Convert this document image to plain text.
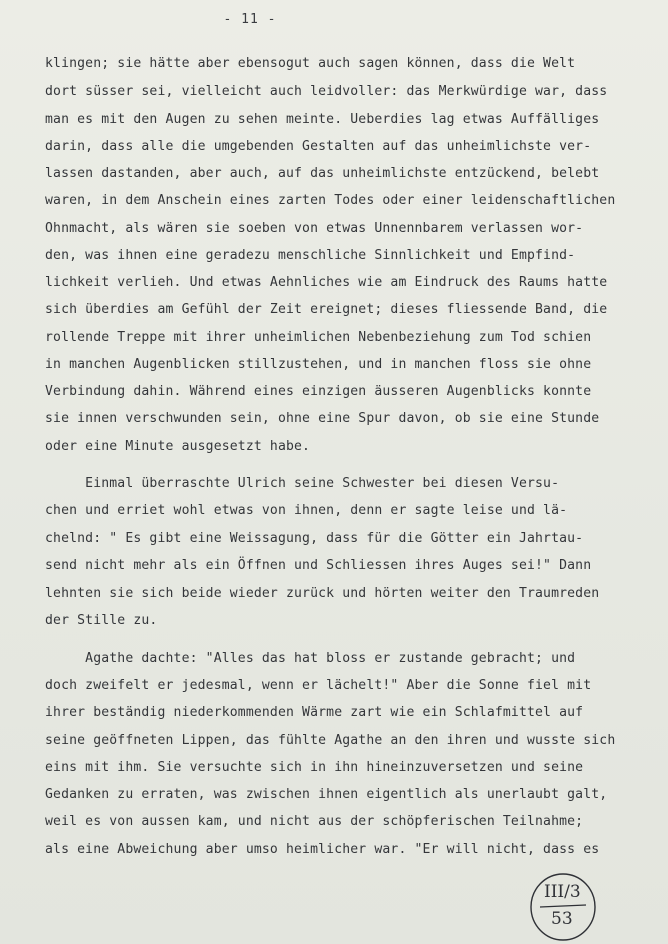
- 11 -
klingen; sie hätte aber ebensogut auch sagen können, dass die Welt
dort süsser sei, vielleicht auch leidvoller: das Merkwürdige war, dass
man es mit den Augen zu sehen meinte. Ueberdies lag etwas Auffälliges
darin, dass alle die umgebenden Gestalten auf das unheimlichste ver-
lassen dastanden, aber auch, auf das unheimlichste entzückend, belebt
waren, in dem Anschein eines zarten Todes oder einer leidenschaftlichen
Ohnmacht, als wären sie soeben von etwas Unnennbarem verlassen wor-
den, was ihnen eine geradezu menschliche Sinnlichkeit und Empfind-
lichkeit verlieh. Und etwas Aehnliches wie am Eindruck des Raums hatte
sich überdies am Gefühl der Zeit ereignet; dieses fliessende Band, die
rollende Treppe mit ihrer unheimlichen Nebenbeziehung zum Tod schien
in manchen Augenblicken stillzustehen, und in manchen floss sie ohne
Verbindung dahin. Während eines einzigen äusseren Augenblicks konnte
sie innen verschwunden sein, ohne eine Spur davon, ob sie eine Stunde
oder eine Minute ausgesetzt habe.
Einmal überraschte Ulrich seine Schwester bei diesen Versu-
chen und erriet wohl etwas von ihnen, denn er sagte leise und lä-
chelnd: " Es gibt eine Weissagung, dass für die Götter ein Jahrtau-
send nicht mehr als ein Öffnen und Schliessen ihres Auges sei!" Dann
lehnten sie sich beide wieder zurück und hörten weiter den Traumreden
der Stille zu.
Agathe dachte: "Alles das hat bloss er zustande gebracht; und
doch zweifelt er jedesmal, wenn er lächelt!" Aber die Sonne fiel mit
ihrer beständig niederkommenden Wärme zart wie ein Schlafmittel auf
seine geöffneten Lippen, das fühlte Agathe an den ihren und wusste sich
eins mit ihm. Sie versuchte sich in ihn hineinzuversetzen und seine
Gedanken zu erraten, was zwischen ihnen eigentlich als unerlaubt galt,
weil es von aussen kam, und nicht aus der schöpferischen Teilnahme;
als eine Abweichung aber umso heimlicher war. "Er will nicht, dass es
III/3
53
